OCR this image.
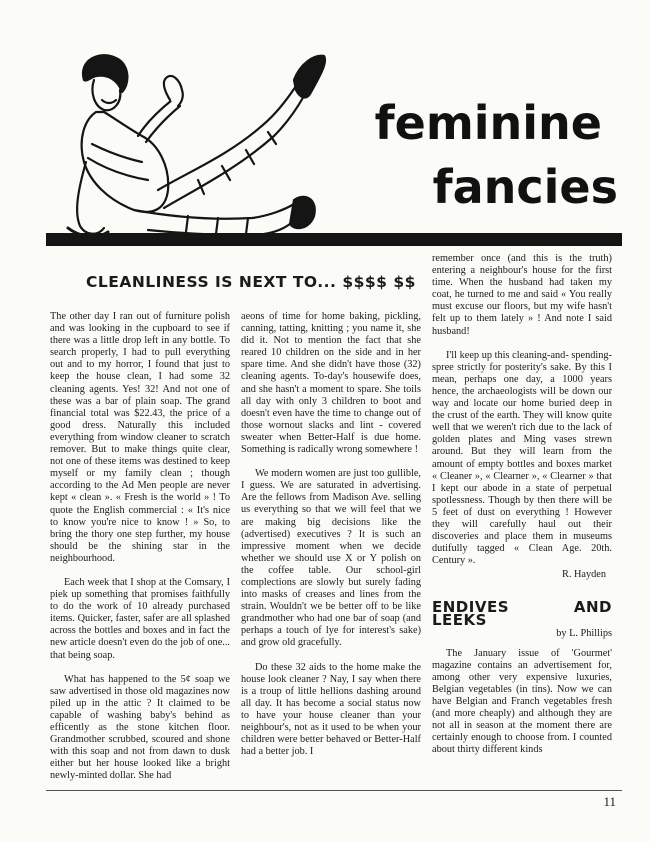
feminine
fancies
CLEANLINESS IS NEXT TO... $$$$ $$

The other day I ran out of furniture polish and was looking in the cupboard to see if there was a little drop left in any bottle. To search properly, I had to pull everything out and to my horror, I found that just to keep the house clean, I had some 32 cleaning agents. Yes! 32! And not one of these was a bar of plain soap. The grand financial total was $22.43, the price of a good dress. Naturally this included everything from window cleaner to scratch remover. But to make things quite clear, not one of these items was destined to keep myself or my family clean ; though according to the Ad Men people are never kept « clean ». « Fresh is the world » ! To quote the English commercial : « It's nice to know you're nice to know ! » So, to bring the thory one step further, my house should be the shining star in the neighbourhood.

Each week that I shop at the Comsary, I piek up something that promises faithfully to do the work of 10 already purchased items. Quicker, faster, safer are all splashed across the bottles and boxes and in fact the new article doesn't even do the job of one... that being soap.

What has happened to the 5¢ soap we saw advertised in those old magazines now piled up in the attic ? It claimed to be capable of washing baby's behind as efficently as the stone kitchen floor. Grandmother scrubbed, scoured and shone with this soap and not from dawn to dusk either but her house looked like a bright newly-minted dollar. She had

aeons of time for home baking, pickling, canning, tatting, knitting ; you name it, she did it. Not to mention the fact that she reared 10 children on the side and in her spare time. And she didn't have those (32) cleaning agents. To-day's housewife does, and she hasn't a moment to spare. She toils all day with only 3 children to boot and doesn't even have the time to change out of those wornout slacks and lint - covered sweater when Better-Half is due home. Something is radically wrong somewhere !

We modern women are just too gullible, I guess. We are saturated in advertising. Are the fellows from Madison Ave. selling us everything so that we will feel that we are making big decisions like the (advertised) executives ? It is such an impressive moment when we decide whether we should use X or Y polish on the coffee table. Our school-girl complections are slowly but surely fading into masks of creases and lines from the strain. Wouldn't we be better off to be like grandmother who had one bar of soap (and perhaps a touch of lye for interest's sake) and grow old gracefully.

Do these 32 aids to the home make the house look cleaner ? Nay, I say when there is a troup of little hellions dashing around all day. It has become a social status now to have your house cleaner than your neighbour's, not as it used to be when your children were better behaved or Better-Half had a better job. I

remember once (and this is the truth) entering a neighbour's house for the first time. When the husband had taken my coat, he turned to me and said « You really must excuse our floors, but my wife hasn't felt up to them lately » ! And note I said husband!

I'll keep up this cleaning-and- spending-spree strictly for posterity's sake. By this I mean, perhaps one day, a 1000 years hence, the archaeologists will be down our way and locate our home buried deep in the crust of the earth. They will know quite well that we weren't rich due to the lack of golden plates and Ming vases strewn around. But they will learn from the amount of empty bottles and boxes market « Cleaner », « Clearner », « Clearner » that I kept our abode in a state of perpetual spotlessness. Though by then there will be 5 feet of dust on everything ! However they will carefully haul out their discoveries and place them in museums dutifully tagged « Clean Age. 20th. Century ».

R. Hayden
ENDIVES AND LEEKS
by L. Phillips

The January issue of 'Gourmet' magazine contains an advertisement for, among other very expensive luxuries, Belgian vegetables (in tins). Now we can have Belgian and Franch vegetables fresh (and more cheaply) and although they are not all in season at the moment there are certainly enough to choose from. I counted about thirty different kinds

11
